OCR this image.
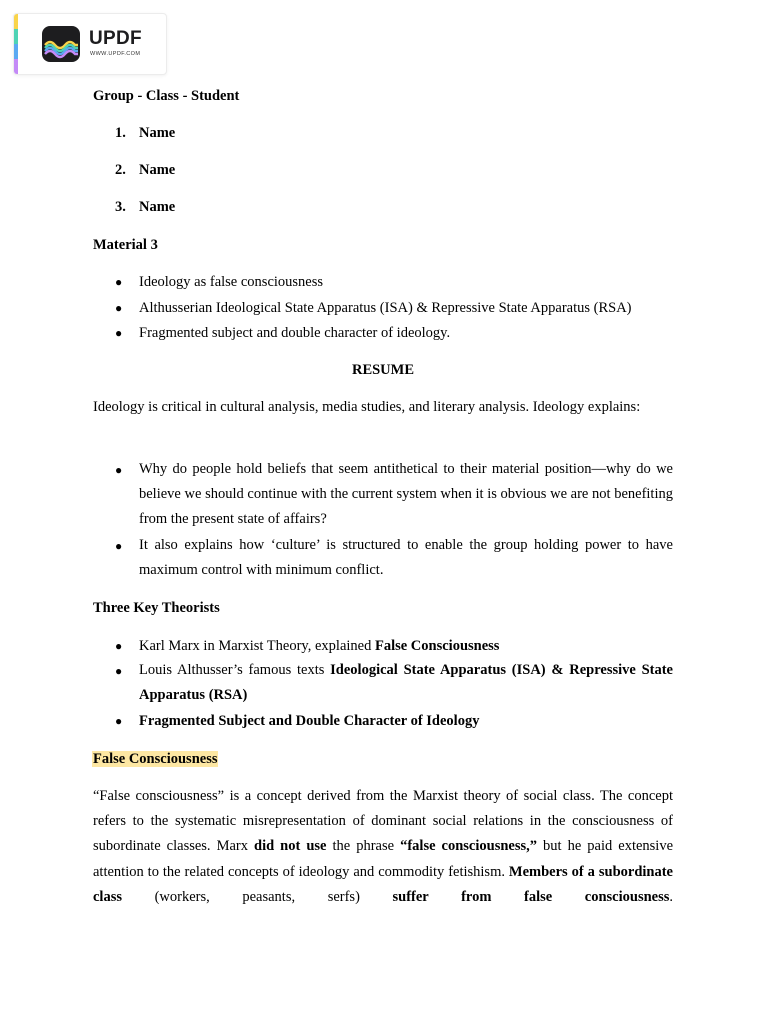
UPDF
WWW.UPDF.COM
Group - Class - Student
1. Name
2. Name
3. Name
Material 3
● Ideology as false consciousness
● Althusserian Ideological State Apparatus (ISA) & Repressive State Apparatus (RSA)
● Fragmented subject and double character of ideology.
RESUME
Ideology is critical in cultural analysis, media studies, and literary analysis. Ideology explains:
● Why do people hold beliefs that seem antithetical to their material position—why do we believe we should continue with the current system when it is obvious we are not benefiting from the present state of affairs?
● It also explains how ‘culture’ is structured to enable the group holding power to have maximum control with minimum conflict.
Three Key Theorists
● Karl Marx in Marxist Theory, explained False Consciousness
● Louis Althusser’s famous texts Ideological State Apparatus (ISA) & Repressive State Apparatus (RSA)
● Fragmented Subject and Double Character of Ideology
False Consciousness
“False consciousness” is a concept derived from the Marxist theory of social class. The concept refers to the systematic misrepresentation of dominant social relations in the consciousness of subordinate classes. Marx did not use the phrase “false consciousness,” but he paid extensive attention to the related concepts of ideology and commodity fetishism. Members of a subordinate class (workers, peasants, serfs) suffer from false consciousness.
